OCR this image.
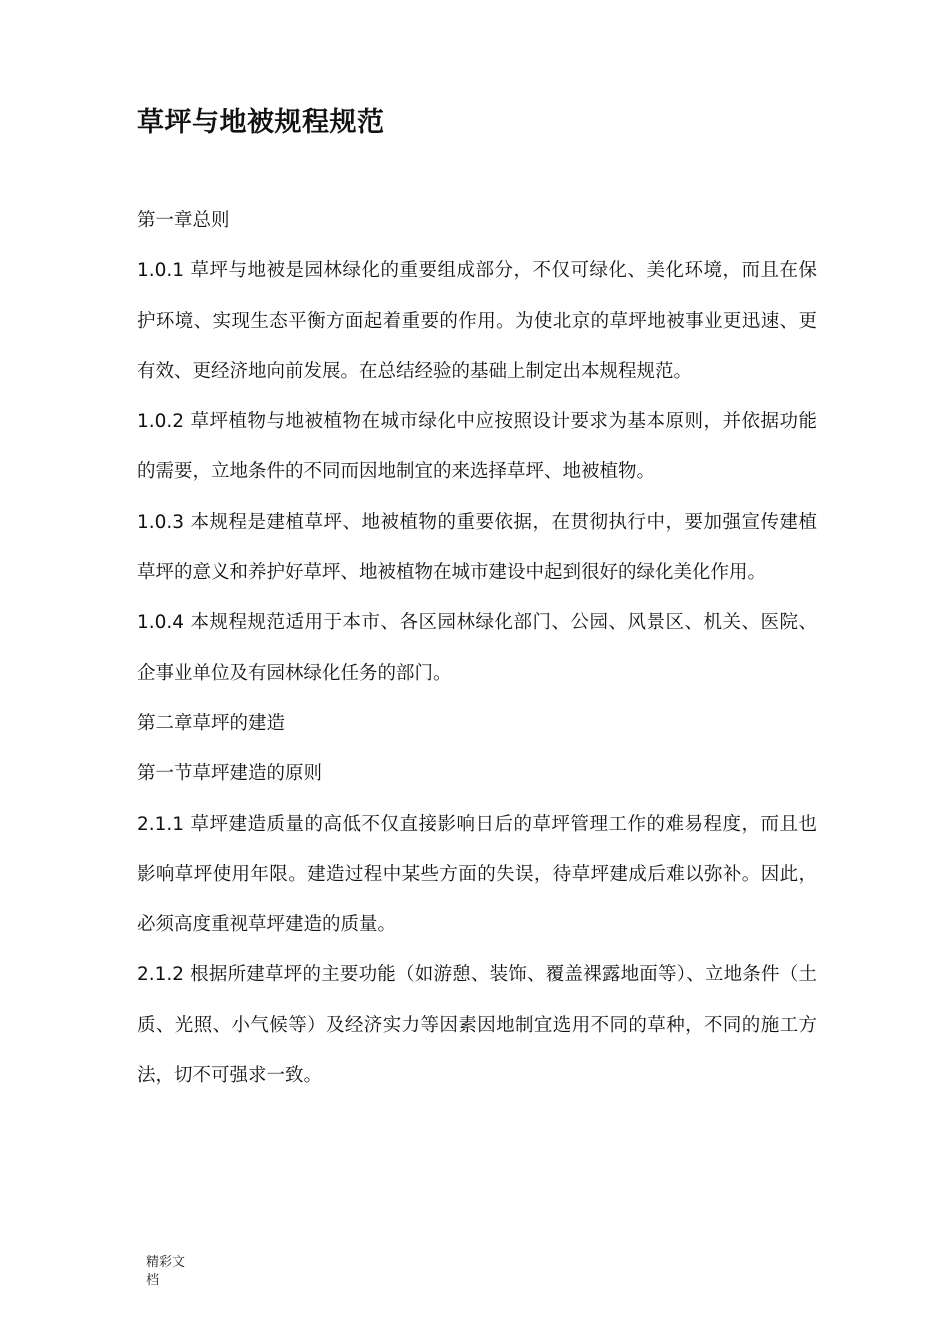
草坪与地被规程规范

第一章总则

1.0.1 草坪与地被是园林绿化的重要组成部分，不仅可绿化、美化环境，而且在保护环境、实现生态平衡方面起着重要的作用。为使北京的草坪地被事业更迅速、更有效、更经济地向前发展。在总结经验的基础上制定出本规程规范。

1.0.2 草坪植物与地被植物在城市绿化中应按照设计要求为基本原则，并依据功能的需要，立地条件的不同而因地制宜的来选择草坪、地被植物。

1.0.3 本规程是建植草坪、地被植物的重要依据，在贯彻执行中，要加强宣传建植草坪的意义和养护好草坪、地被植物在城市建设中起到很好的绿化美化作用。

1.0.4 本规程规范适用于本市、各区园林绿化部门、公园、风景区、机关、医院、企事业单位及有园林绿化任务的部门。

第二章草坪的建造

第一节草坪建造的原则

2.1.1 草坪建造质量的高低不仅直接影响日后的草坪管理工作的难易程度，而且也影响草坪使用年限。建造过程中某些方面的失误，待草坪建成后难以弥补。因此，必须高度重视草坪建造的质量。

2.1.2 根据所建草坪的主要功能（如游憩、装饰、覆盖裸露地面等）、立地条件（土质、光照、小气候等）及经济实力等因素因地制宜选用不同的草种，不同的施工方法，切不可强求一致。

精彩文档
